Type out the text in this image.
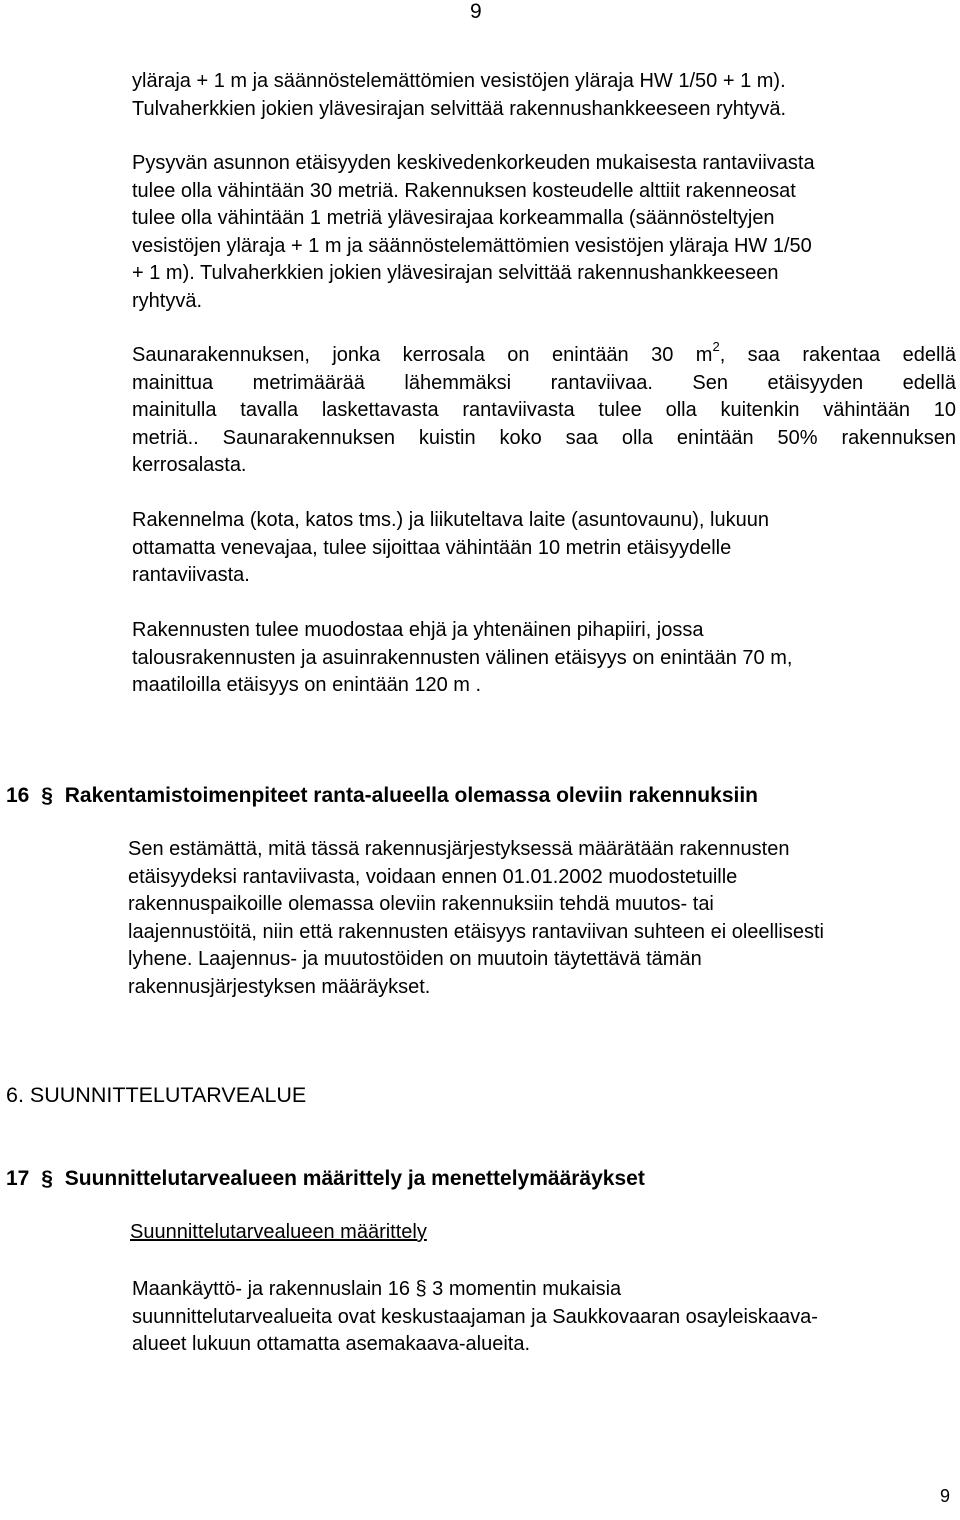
9
yläraja + 1 m ja säännöstelemättömien vesistöjen yläraja HW 1/50 + 1 m).
Tulvaherkkien jokien ylävesirajan selvittää rakennushankkeeseen ryhtyvä.
Pysyvän asunnon etäisyyden keskivedenkorkeuden mukaisesta rantaviivasta
tulee olla vähintään 30 metriä. Rakennuksen kosteudelle alttiit rakenneosat
tulee olla vähintään 1 metriä ylävesirajaa korkeammalla (säännösteltyjen
vesistöjen yläraja + 1 m ja säännöstelemättömien vesistöjen yläraja HW 1/50
+ 1 m). Tulvaherkkien jokien ylävesirajan selvittää rakennushankkeeseen
ryhtyvä.
Saunarakennuksen, jonka kerrosala on enintään 30 $m^2$, saa rakentaa edellä
mainittua metrimäärää lähemmäksi rantaviivaa. Sen etäisyyden edellä
mainitulla tavalla laskettavasta rantaviivasta tulee olla kuitenkin vähintään 10
metriä.. Saunarakennuksen kuistin koko saa olla enintään 50% rakennuksen
kerrosalasta.
Rakennelma (kota, katos tms.) ja liikuteltava laite (asuntovaunu), lukuun
ottamatta venevajaa, tulee sijoittaa vähintään 10 metrin etäisyydelle
rantaviivasta.
Rakennusten tulee muodostaa ehjä ja yhtenäinen pihapiiri, jossa
talousrakennusten ja asuinrakennusten välinen etäisyys on enintään 70 m,
maatiloilla etäisyys on enintään 120 m .
16 § Rakentamistoimenpiteet ranta-alueella olemassa oleviin rakennuksiin
Sen estämättä, mitä tässä rakennusjärjestyksessä määrätään rakennusten
etäisyydeksi rantaviivasta, voidaan ennen 01.01.2002 muodostetuille
rakennuspaikoille olemassa oleviin rakennuksiin tehdä muutos- tai
laajennustöitä, niin että rakennusten etäisyys rantaviivan suhteen ei oleellisesti
lyhene. Laajennus- ja muutostöiden on muutoin täytettävä tämän
rakennusjärjestyksen määräykset.
6. SUUNNITTELUTARVEALUE
17 § Suunnittelutarvealueen määrittely ja menettelymääräykset
Suunnittelutarvealueen määrittely
Maankäyttö- ja rakennuslain 16 § 3 momentin mukaisia
suunnittelutarvealueita ovat keskustaajaman ja Saukkovaaran osayleiskaava-
alueet lukuun ottamatta asemakaava-alueita.
9
